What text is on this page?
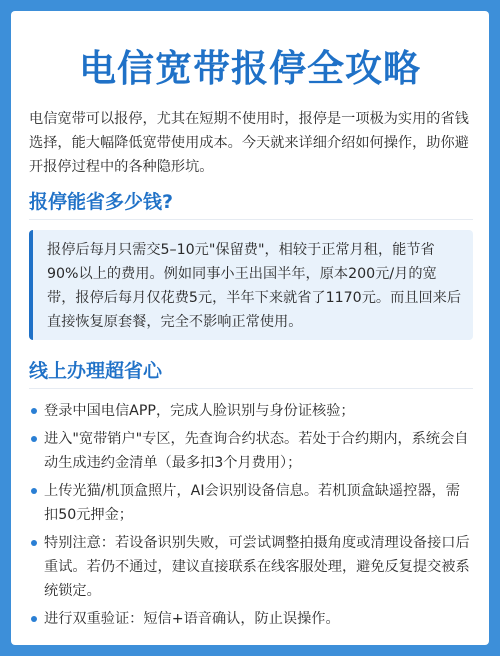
电信宽带报停全攻略
电信宽带可以报停，尤其在短期不使用时，报停是一项极为实用的省钱选择，能大幅降低宽带使用成本。今天就来详细介绍如何操作，助你避开报停过程中的各种隐形坑。
报停能省多少钱?
报停后每月只需交5–10元"保留费"，相较于正常月租，能节省90%以上的费用。例如同事小王出国半年，原本200元/月的宽带，报停后每月仅花费5元，半年下来就省了1170元。而且回来后直接恢复原套餐，完全不影响正常使用。
线上办理超省心
登录中国电信APP，完成人脸识别与身份证核验；
进入"宽带销户"专区，先查询合约状态。若处于合约期内，系统会自动生成违约金清单（最多扣3个月费用）；
上传光猫/机顶盒照片，AI会识别设备信息。若机顶盒缺遥控器，需扣50元押金；
特别注意：若设备识别失败，可尝试调整拍摄角度或清理设备接口后重试。若仍不通过，建议直接联系在线客服处理，避免反复提交被系统锁定。
进行双重验证：短信+语音确认，防止误操作。
